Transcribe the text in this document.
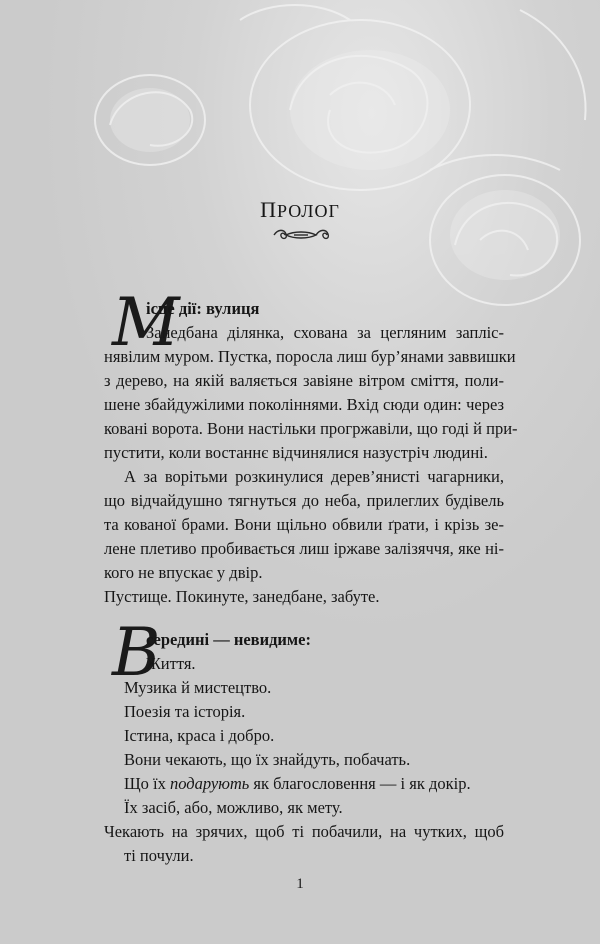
ПРОЛОГ
М
ісце дії: вулиця
Занедбана ділянка, схована за цегляним запліс-
нявілим муром. Пустка, поросла лиш бур’янами заввишки
з дерево, на якій валяється завіяне вітром сміття, поли-
шене збайдужілими поколіннями. Вхід сюди один: через
ковані ворота. Вони настільки прогржавіли, що годі й при-
пустити, коли востаннє відчинялися назустріч людині.
А за ворітьми розкинулися дерев’янисті чагарники,
що відчайдушно тягнуться до неба, прилеглих будівель
та кованої брами. Вони щільно обвили ґрати, і крізь зе-
лене плетиво пробивається лиш іржаве залізяччя, яке ні-
кого не впускає у двір.
Пустище. Покинуте, занедбане, забуте.
В
середині — невидиме:
Життя.
Музика й мистецтво.
Поезія та історія.
Істина, краса і добро.
Вони чекають, що їх знайдуть, побачать.
Що їх подарують як благословення — і як докір.
Їх засіб, або, можливо, як мету.
Чекають на зрячих, щоб ті побачили, на чутких, щоб
ті почули.
1
